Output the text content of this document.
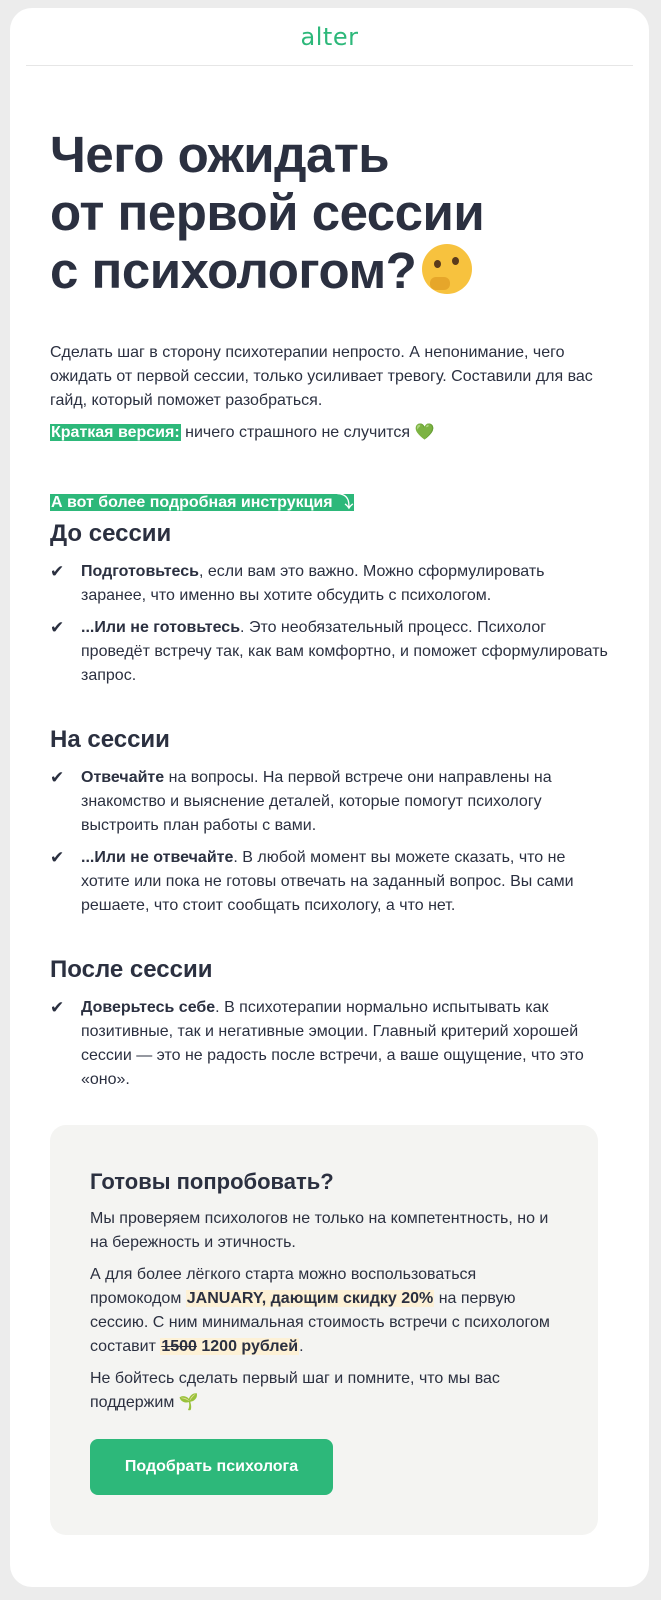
alter
Чего ожидать
от первой сессии
с психологом?

Сделать шаг в сторону психотерапии непросто. А непонимание, чего ожидать от первой сессии, только усиливает тревогу. Составили для вас гайд, который поможет разобраться.

Краткая версия: ничего страшного не случится 💚

А вот более подробная инструкция ⤵
До сессии
✔ Подготовьтесь, если вам это важно. Можно сформулировать заранее, что именно вы хотите обсудить с психологом.
✔ ...Или не готовьтесь. Это необязательный процесс. Психолог проведёт встречу так, как вам комфортно, и поможет сформулировать запрос.
На сессии
✔ Отвечайте на вопросы. На первой встрече они направлены на знакомство и выяснение деталей, которые помогут психологу выстроить план работы с вами.
✔ ...Или не отвечайте. В любой момент вы можете сказать, что не хотите или пока не готовы отвечать на заданный вопрос. Вы сами решаете, что стоит сообщать психологу, а что нет.
После сессии
✔ Доверьтесь себе. В психотерапии нормально испытывать как позитивные, так и негативные эмоции. Главный критерий хорошей сессии — это не радость после встречи, а ваше ощущение, что это «оно».
Готовы попробовать?

Мы проверяем психологов не только на компетентность, но и на бережность и этичность.

А для более лёгкого старта можно воспользоваться промокодом JANUARY, дающим скидку 20% на первую сессию. С ним минимальная стоимость встречи с психологом составит 1500 1200 рублей.

Не бойтесь сделать первый шаг и помните, что мы вас поддержим 🌱

Подобрать психолога
